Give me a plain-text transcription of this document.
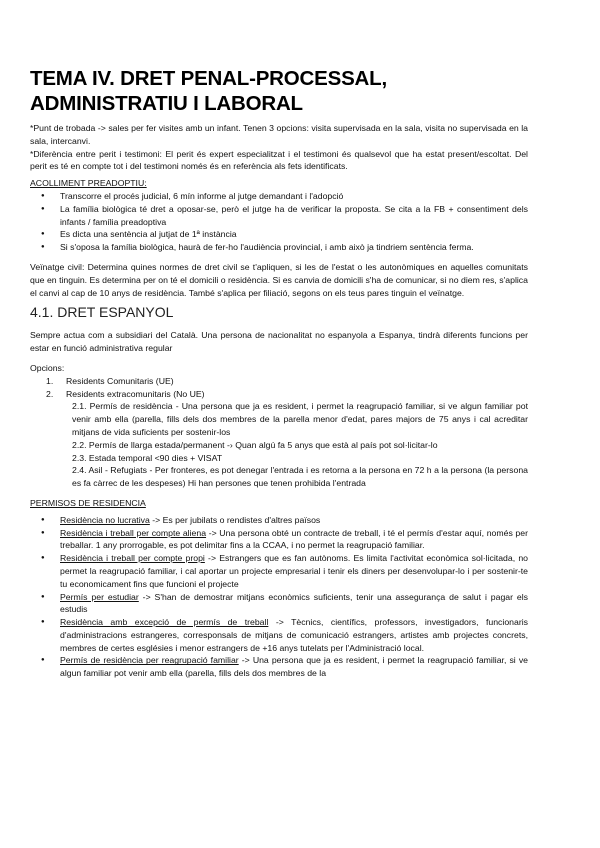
TEMA IV. DRET PENAL-PROCESSAL, ADMINISTRATIU I LABORAL

*Punt de trobada -> sales per fer visites amb un infant. Tenen 3 opcions: visita supervisada en la sala, visita no supervisada en la sala, intercanvi.

*Diferència entre perit i testimoni: El perit és expert especialitzat i el testimoni és qualsevol que ha estat present/escoltat. Del perit es té en compte tot i del testimoni només és en referència als fets identificats.

ACOLLIMENT PREADOPTIU:
● Transcorre el procés judicial, 6 mín informe al jutge demandant i l'adopció
● La família biològica té dret a oposar-se, però el jutge ha de verificar la proposta. Se cita a la FB + consentiment dels infants / família preadoptiva
● Es dicta una sentència al jutjat de 1ª instància
● Si s'oposa la família biològica, haurà de fer-ho l'audiència provincial, i amb això ja tindriem sentència ferma.

Veïnatge civil: Determina quines normes de dret civil se t'apliquen, si les de l'estat o les autonòmiques en aquelles comunitats que en tinguin. Es determina per on té el domicili o residència. Si es canvia de domicili s'ha de comunicar, si no diem res, s'aplica el canvi al cap de 10 anys de residència. També s'aplica per filiació, segons on els teus pares tinguin el veïnatge.

4.1. DRET ESPANYOL

Sempre actua com a subsidiari del Català. Una persona de nacionalitat no espanyola a Espanya, tindrà diferents funcions per estar en funció administrativa regular

Opcions:

1. Residents Comunitaris (UE)
2. Residents extracomunitaris (No UE)

2.1. Permís de residència - Una persona que ja es resident, i permet la reagrupació familiar, si ve algun familiar pot venir amb ella (parella, fills dels dos membres de la parella menor d'edat, pares majors de 75 anys i cal acreditar mitjans de vida suficients per sostenir-los

2.2. Permís de llarga estada/permanent -› Quan algú fa 5 anys que està al país pot sol·licitar-lo

2.3. Estada temporal <90 dies + VISAT

2.4. Asil - Refugiats - Per fronteres, es pot denegar l'entrada i es retorna a la persona en 72 h a la persona (la persona es fa càrrec de les despeses) Hi han persones que tenen prohibida l'entrada

PERMISOS DE RESIDENCIA
● Residència no lucrativa -> Es per jubilats o rendistes d'altres països
● Residència i treball per compte aliena -> Una persona obté un contracte de treball, i té el permís d'estar aquí, només per treballar. 1 any prorrogable, es pot delimitar fins a la CCAA, i no permet la reagrupació familiar.
● Residència i treball per compte propi -> Estrangers que es fan autònoms. Es limita l'activitat econòmica sol·licitada, no permet la reagrupació familiar, i cal aportar un projecte empresarial i tenir els diners per desenvolupar-lo i per sostenir-te tu economicament fins que funcioni el projecte
● Permís per estudiar -> S'han de demostrar mitjans econòmics suficients, tenir una assegurança de salut i pagar els estudis
● Residència amb excepció de permís de treball -> Tècnics, científics, professors, investigadors, funcionaris d'administracions estrangeres, corresponsals de mitjans de comunicació estrangers, artistes amb projectes concrets, membres de certes esglésies i menor estrangers de +16 anys tutelats per l'Administració local.
● Permís de residència per reagrupació familiar -> Una persona que ja es resident, i permet la reagrupació familiar, si ve algun familiar pot venir amb ella (parella, fills dels dos membres de la
